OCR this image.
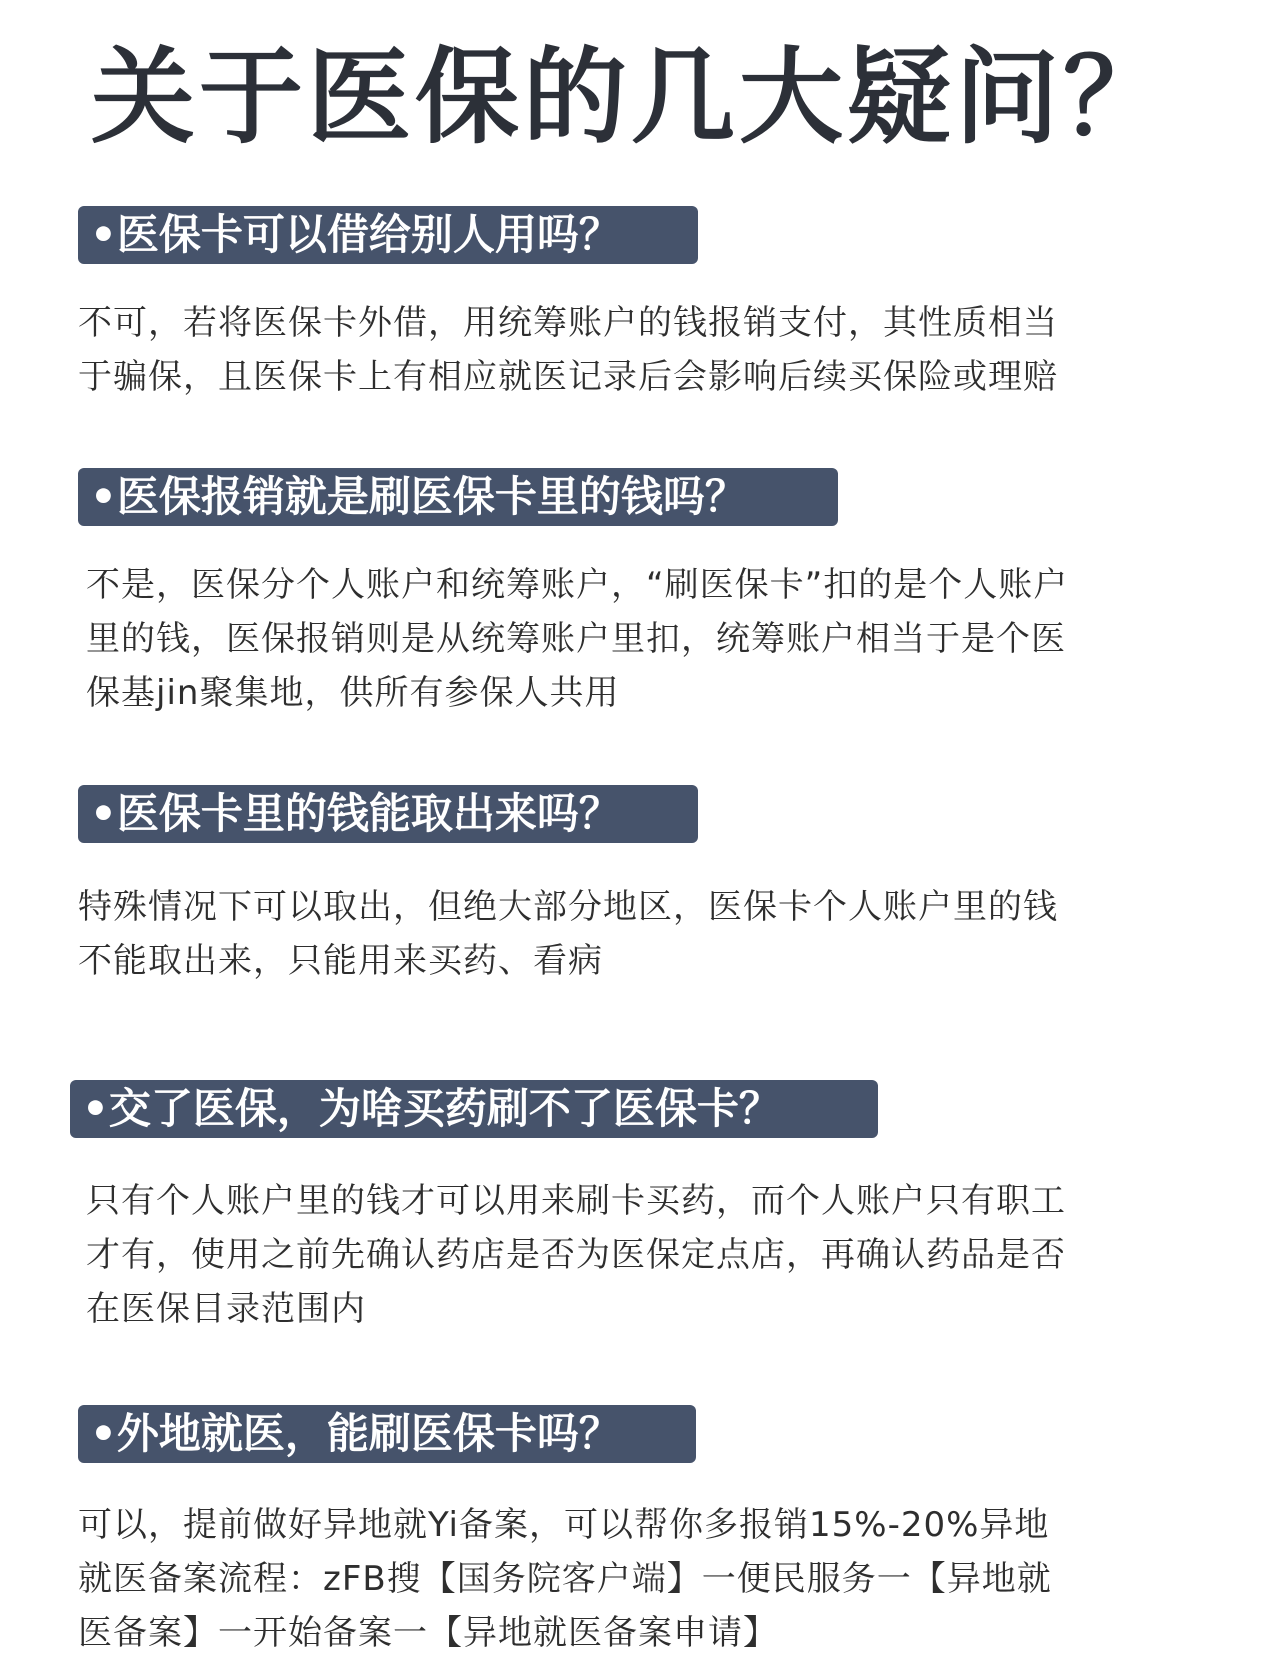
关于医保的几大疑问？
•医保卡可以借给别人用吗？
不可，若将医保卡外借，用统筹账户的钱报销支付，其性质相当
于骗保，且医保卡上有相应就医记录后会影响后续买保险或理赔
•医保报销就是刷医保卡里的钱吗？
不是，医保分个人账户和统筹账户，“刷医保卡”扣的是个人账户
里的钱，医保报销则是从统筹账户里扣，统筹账户相当于是个医
保基jin聚集地，供所有参保人共用
•医保卡里的钱能取出来吗？
特殊情况下可以取出，但绝大部分地区，医保卡个人账户里的钱
不能取出来，只能用来买药、看病
•交了医保，为啥买药刷不了医保卡？
只有个人账户里的钱才可以用来刷卡买药，而个人账户只有职工
才有，使用之前先确认药店是否为医保定点店，再确认药品是否
在医保目录范围内
•外地就医，能刷医保卡吗？
可以，提前做好异地就Yi备案，可以帮你多报销15%-20%异地
就医备案流程：zFB搜【国务院客户端】一便民服务一【异地就
医备案】一开始备案一【异地就医备案申请】
